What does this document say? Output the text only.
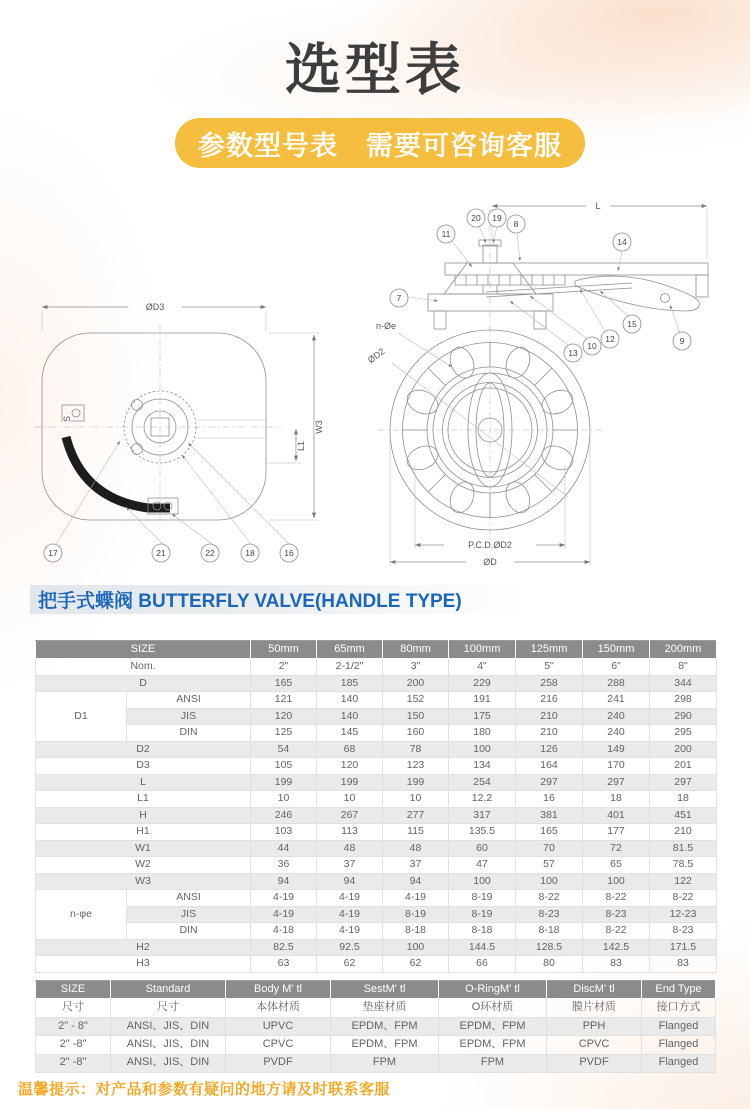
选型表
参数型号表 需要可咨询客服
S
ØD3
W3
L1
17	21	22	18	16
L
n-Øe
ØD2
P.C.D.ØD2
ØD
11
20 19
8
14
7
13
10
12
15
9
把手式蝶阀 BUTTERFLY VALVE(HANDLE TYPE)
SIZE		50mm	65mm	80mm	100mm	125mm	150mm	200mm
Nom.		2"	2-1/2"	3"	4"	5"	6"	8"
D		165	185	200	229	258	288	344
D1	ANSI	121	140	152	191	216	241	298
	JIS	120	140	150	175	210	240	290
	DIN	125	145	160	180	210	240	295
D2		54	68	78	100	126	149	200
D3		105	120	123	134	164	170	201
L		199	199	199	254	297	297	297
L1		10	10	10	12.2	16	18	18
H		246	267	277	317	381	401	451
H1		103	113	115	135.5	165	177	210
W1		44	48	48	60	70	72	81.5
W2		36	37	37	47	57	65	78.5
W3		94	94	94	100	100	100	122
n-φe	ANSI	4-19	4-19	4-19	8-19	8-22	8-22	8-22
	JIS	4-19	4-19	8-19	8-19	8-23	8-23	12-23
	DIN	4-18	4-19	8-18	8-18	8-18	8-22	8-23
H2		82.5	92.5	100	144.5	128.5	142.5	171.5
H3		63	62	62	66	80	83	83
SIZE	Standard	Body M' tl	SestM' tl	O-RingM' tl	DiscM' tl	End Type
尺寸	尺寸	本体材质	垫座材质	O环材质	膜片材质	接口方式
2" - 8"	ANSI、JIS、DIN	UPVC	EPDM、FPM	EPDM、FPM	PPH	Flanged
2" -8"	ANSI、JIS、DIN	CPVC	EPDM、FPM	EPDM、FPM	CPVC	Flanged
2" -8"	ANSI、JIS、DIN	PVDF	FPM	FPM	PVDF	Flanged
温馨提示：对产品和参数有疑问的地方请及时联系客服
